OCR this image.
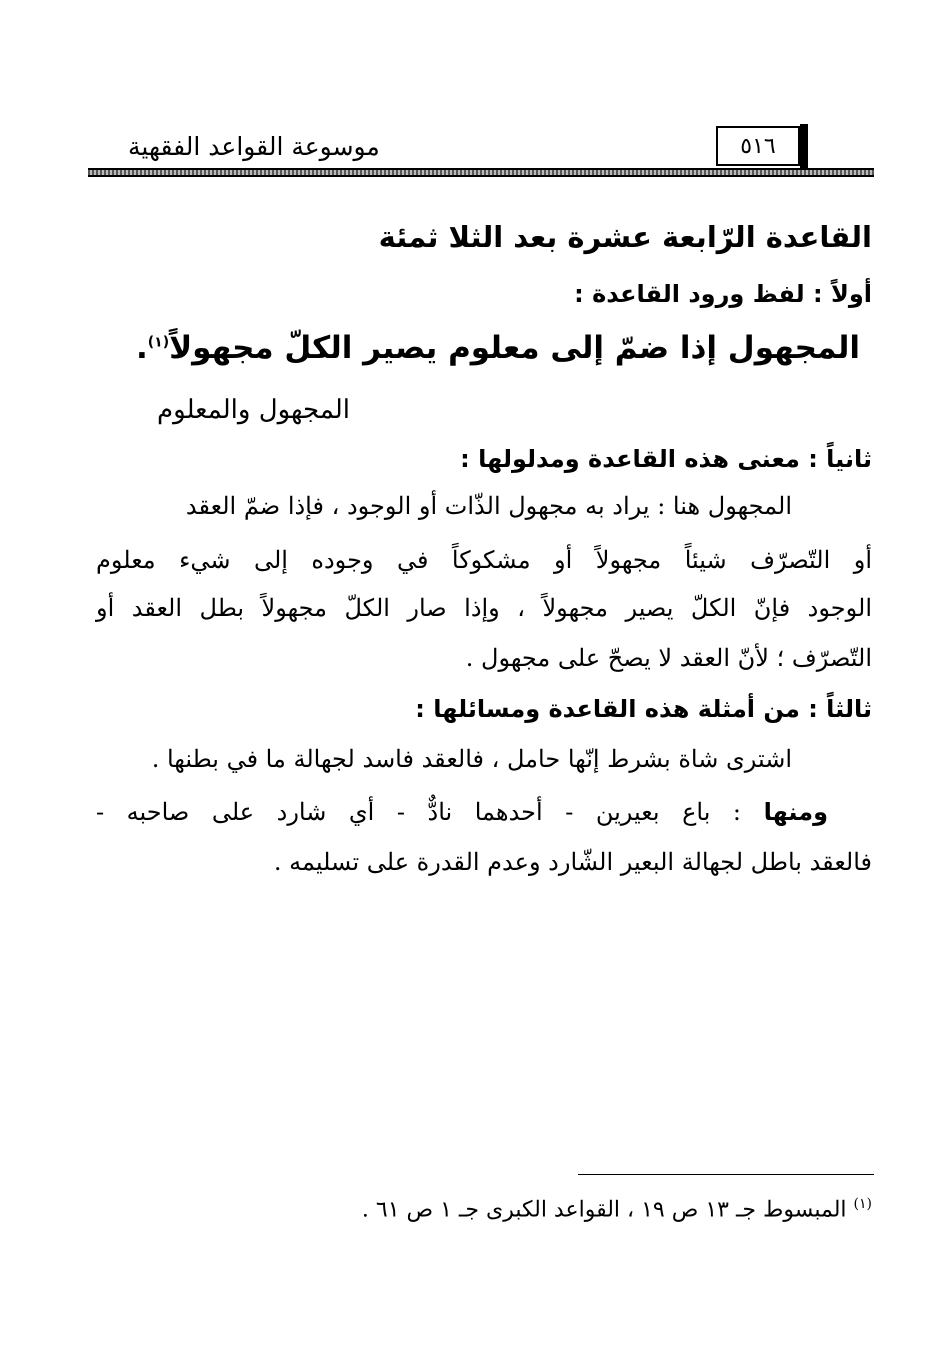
موسوعة القواعد الفقهية	٥١٦
القاعدة الرّابعة عشرة بعد الثلا ثمئة
أولاً : لفظ ورود القاعدة :
المجهول إذا ضمّ إلى معلوم يصير الكلّ مجهولاً$^{(١)}$.
المجهول والمعلوم
ثانياً : معنى هذه القاعدة ومدلولها :
المجهول هنا : يراد به مجهول الذّات أو الوجود ، فإذا ضمّ العقد
أو التّصرّف شيئاً مجهولاً أو مشكوكاً في وجوده إلى شيء معلوم
الوجود فإنّ الكلّ يصير مجهولاً ، وإذا صار الكلّ مجهولاً بطل العقد أو
التّصرّف ؛ لأنّ العقد لا يصحّ على مجهول .
ثالثاً : من أمثلة هذه القاعدة ومسائلها :
اشترى شاة بشرط إنّها حامل ، فالعقد فاسد لجهالة ما في بطنها .
ومنها : باع بعيرين - أحدهما نادٌّ - أي شارد على صاحبه -
فالعقد باطل لجهالة البعير الشّارد وعدم القدرة على تسليمه .
$^{(١)}$ المبسوط جـ ١٣ ص ١٩ ، القواعد الكبرى جـ ١ ص ٦١ .
